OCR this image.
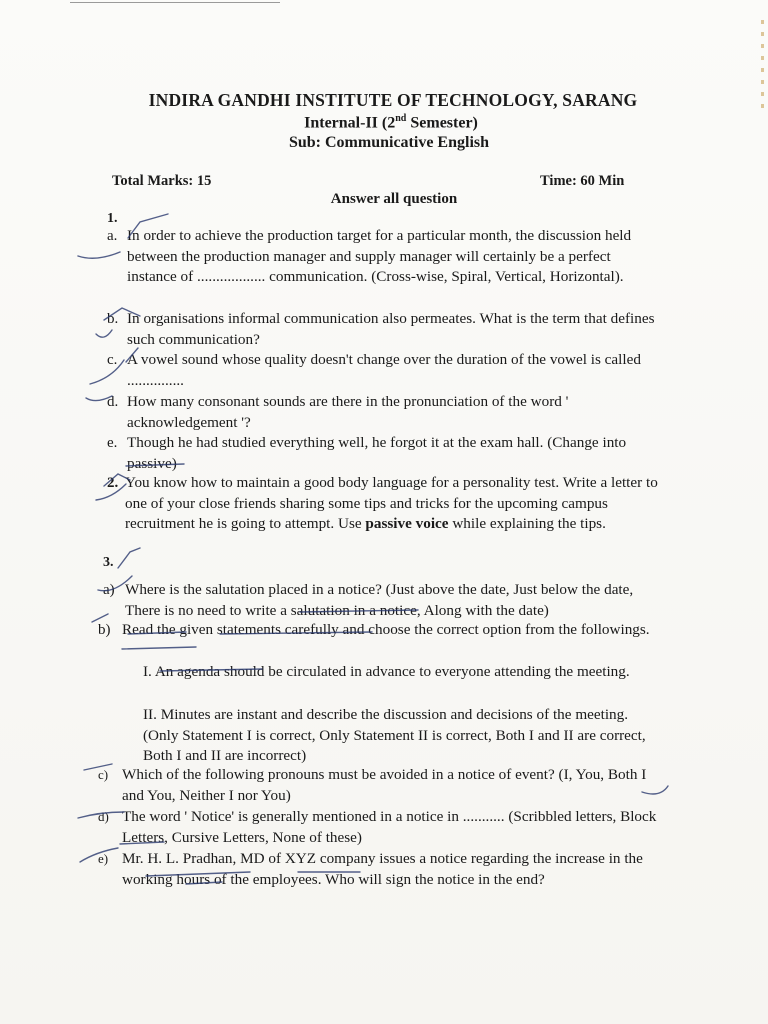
INDIRA GANDHI INSTITUTE OF TECHNOLOGY, SARANG
Internal-II (2nd Semester)
Sub: Communicative English
Total Marks: 15	Time: 60 Min
Answer all question
1.
a. In order to achieve the production target for a particular month, the discussion held between the production manager and supply manager will certainly be a perfect instance of .................. communication. (Cross-wise, Spiral, Vertical, Horizontal).
b. In organisations informal communication also permeates. What is the term that defines such communication?
c. A vowel sound whose quality doesn't change over the duration of the vowel is called ...............
d. How many consonant sounds are there in the pronunciation of the word ' acknowledgement '?
e. Though he had studied everything well, he forgot it at the exam hall. (Change into passive)
2. You know how to maintain a good body language for a personality test. Write a letter to one of your close friends sharing some tips and tricks for the upcoming campus recruitment he is going to attempt. Use passive voice while explaining the tips.
3.
a) Where is the salutation placed in a notice? (Just above the date, Just below the date, There is no need to write a salutation in a notice, Along with the date)
b) Read the given statements carefully and choose the correct option from the followings.
I. An agenda should be circulated in advance to everyone attending the meeting.
II. Minutes are instant and describe the discussion and decisions of the meeting. (Only Statement I is correct, Only Statement II is correct, Both I and II are correct, Both I and II are incorrect)
c) Which of the following pronouns must be avoided in a notice of event? (I, You, Both I and You, Neither I nor You)
d) The word ' Notice' is generally mentioned in a notice in ........... (Scribbled letters, Block Letters, Cursive Letters, None of these)
e) Mr. H. L. Pradhan, MD of XYZ company issues a notice regarding the increase in the working hours of the employees. Who will sign the notice in the end?
